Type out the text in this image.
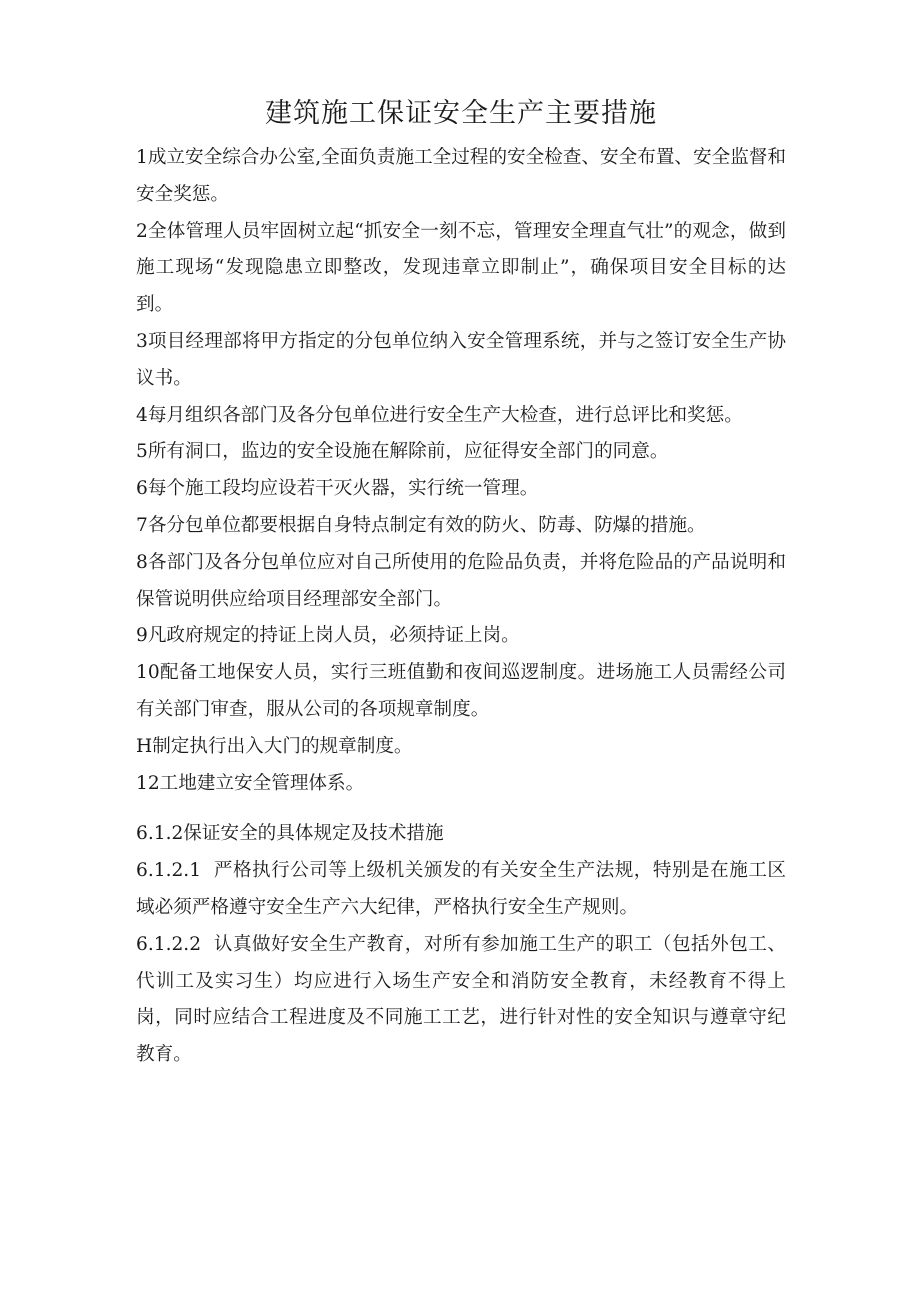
建筑施工保证安全生产主要措施

1成立安全综合办公室,全面负责施工全过程的安全检查、安全布置、安全监督和安全奖惩。

2全体管理人员牢固树立起“抓安全一刻不忘，管理安全理直气壮”的观念，做到施工现场“发现隐患立即整改，发现违章立即制止”，确保项目安全目标的达到。

3项目经理部将甲方指定的分包单位纳入安全管理系统，并与之签订安全生产协议书。

4每月组织各部门及各分包单位进行安全生产大检查，进行总评比和奖惩。

5所有洞口，监边的安全设施在解除前，应征得安全部门的同意。

6每个施工段均应设若干灭火器，实行统一管理。

7各分包单位都要根据自身特点制定有效的防火、防毒、防爆的措施。

8各部门及各分包单位应对自己所使用的危险品负责，并将危险品的产品说明和保管说明供应给项目经理部安全部门。

9凡政府规定的持证上岗人员，必须持证上岗。

10配备工地保安人员，实行三班值勤和夜间巡逻制度。进场施工人员需经公司有关部门审查，服从公司的各项规章制度。

H制定执行出入大门的规章制度。

12工地建立安全管理体系。

6.1.2保证安全的具体规定及技术措施

6.1.2.1  严格执行公司等上级机关颁发的有关安全生产法规，特别是在施工区域必须严格遵守安全生产六大纪律，严格执行安全生产规则。

6.1.2.2  认真做好安全生产教育，对所有参加施工生产的职工（包括外包工、代训工及实习生）均应进行入场生产安全和消防安全教育，未经教育不得上岗，同时应结合工程进度及不同施工工艺，进行针对性的安全知识与遵章守纪教育。
